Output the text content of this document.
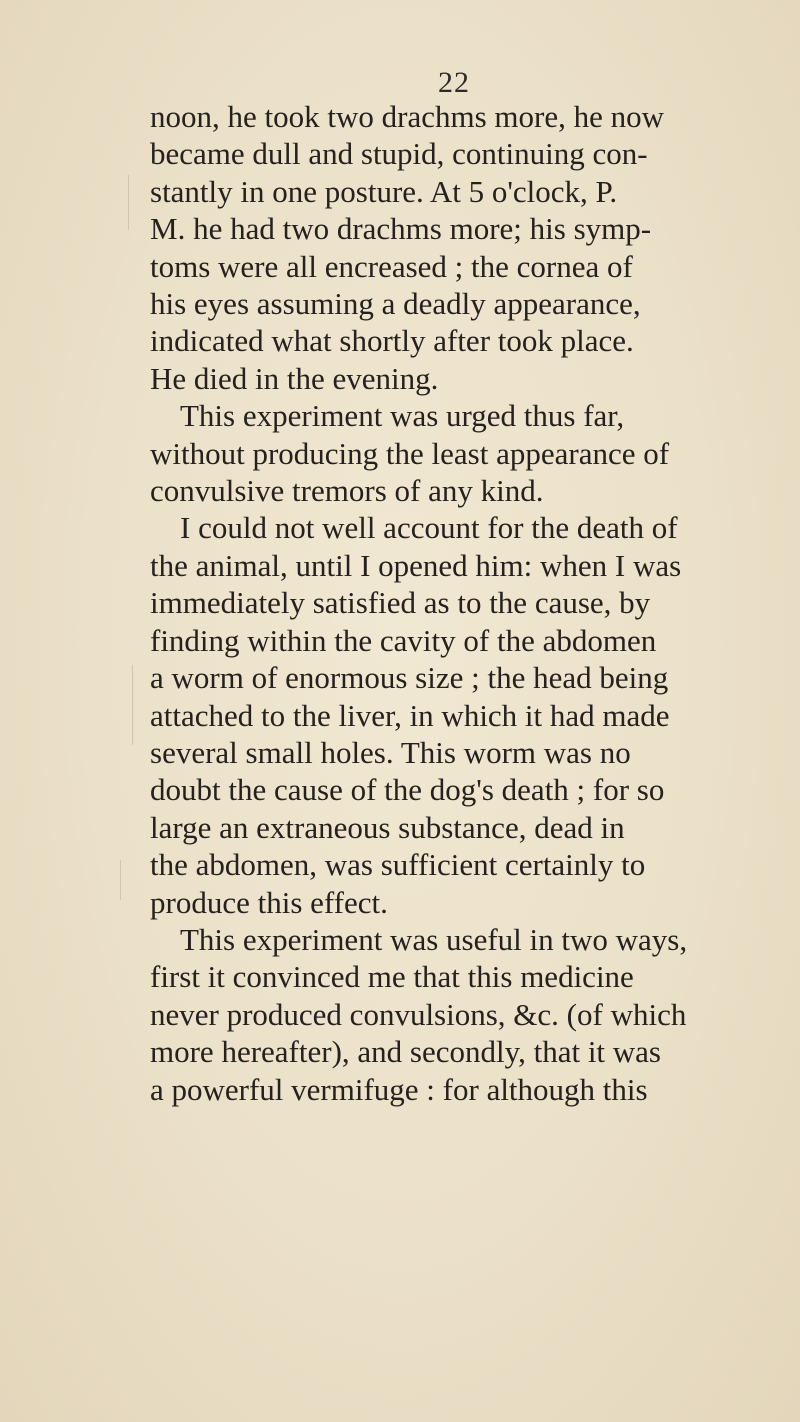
22
noon, he took two drachms more, he now
became dull and stupid, continuing con-
stantly in one posture. At 5 o'clock, P.
M. he had two drachms more; his symp-
toms were all encreased ; the cornea of
his eyes assuming a deadly appearance,
indicated what shortly after took place.
He died in the evening.
This experiment was urged thus far,
without producing the least appearance of
convulsive tremors of any kind.
I could not well account for the death of
the animal, until I opened him: when I was
immediately satisfied as to the cause, by
finding within the cavity of the abdomen
a worm of enormous size ; the head being
attached to the liver, in which it had made
several small holes. This worm was no
doubt the cause of the dog's death ; for so
large an extraneous substance, dead in
the abdomen, was sufficient certainly to
produce this effect.
This experiment was useful in two ways,
first it convinced me that this medicine
never produced convulsions, &c. (of which
more hereafter), and secondly, that it was
a powerful vermifuge : for although this
